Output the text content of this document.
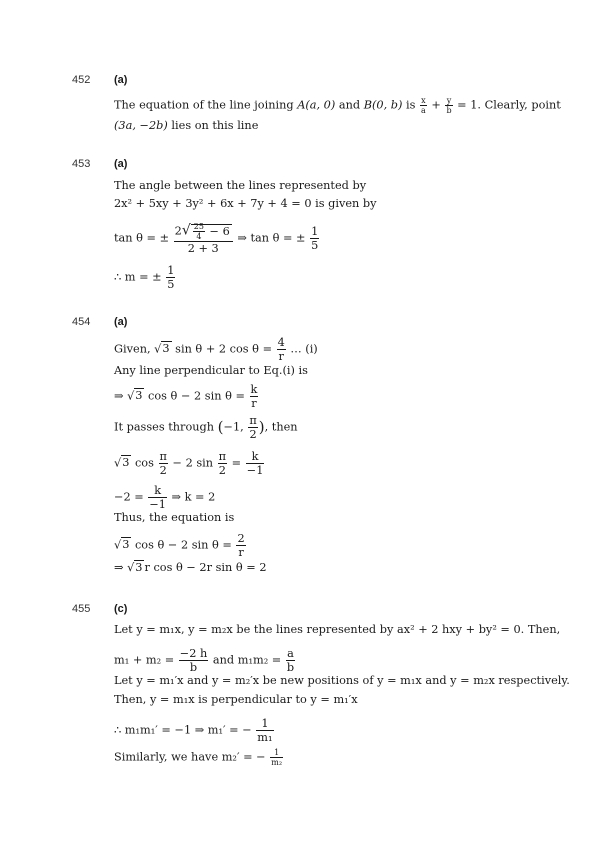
452 (a)
The equation of the line joining A(a, 0) and B(0, b) is $\frac{x}{a} + \frac{y}{b} = 1$. Clearly, point
(3a, −2b) lies on this line
453 (a)
The angle between the lines represented by
2x² + 5xy + 3y² + 6x + 7y + 4 = 0 is given by
tan θ = ± $\frac{2√ \frac{25}{4} - 6}{2 + 3}$ ⇒ tan θ = ± $\frac{1}{5}$
∴ m = ± $\frac{1}{5}$
454 (a)
Given, √3 sin θ + 2 $\cos \theta = \frac{4}{r}$ … (i)
Any line perpendicular to Eq.(i) is
⇒ √3 cos θ − 2 $\sin \theta = \frac{k}{r}$
It passes through (−1, $\frac{\pi}{2}$ ), then
√3 $\cos \frac{\pi}{2} - 2$ $\sin \frac{\pi}{2} = \frac{k}{-1}$
$-2 = \frac{k}{-1}$ ⇒ k = 2
Thus, the equation is
√3 cos θ − 2 $\sin \theta = \frac{2}{r}$
⇒ √3 r cos θ − 2r sin θ = 2
455 (c)
Let y = m₁x, y = m₂x be the lines represented by ax² + 2 hxy + by² = 0. Then,
$m_1 + m_2 = \frac{-2 h}{b}$ and $m_1m_2 = \frac{a}{b}$
Let y = m₁′x and y = m₂′x be new positions of y = m₁x and y = m₂x respectively.
Then, y = m₁x is perpendicular to y = m₁′x
∴ m₁m₁′ = −1 ⇒ m₁′ = − $\frac{1}{\text{m₁}}$
Similarly, we have m₂′ = − $\frac{1}{\text{m₂}}$
